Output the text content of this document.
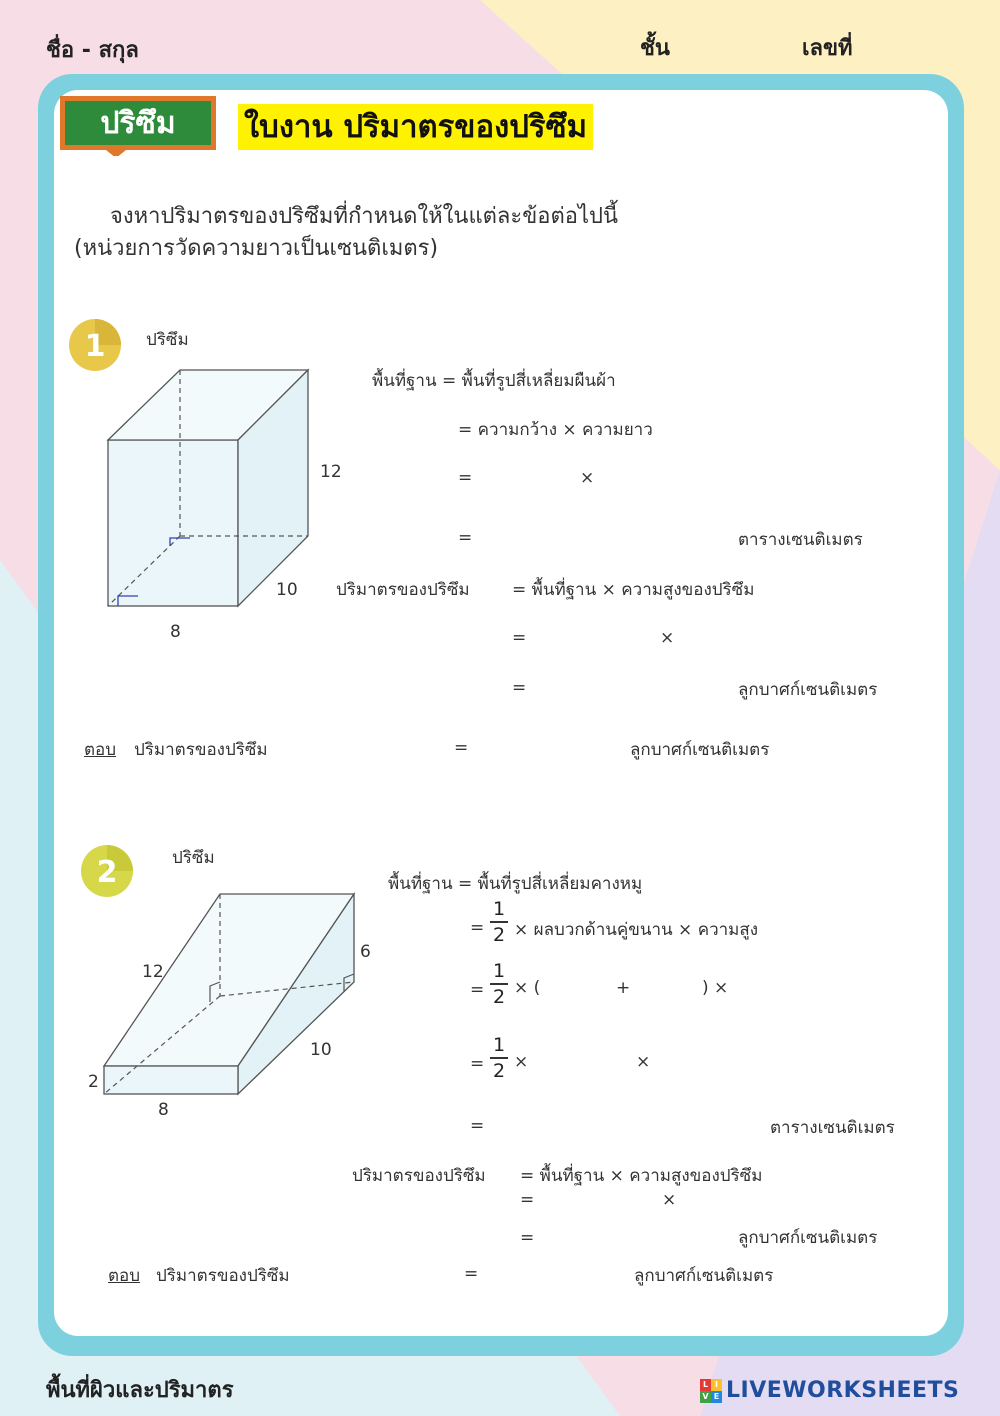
ชื่อ - สกุล	ชั้น	เลขที่
ปริซึม	ใบงาน ปริมาตรของปริซึม
จงหาปริมาตรของปริซึมที่กำหนดให้ในแต่ละข้อต่อไปนี้
(หน่วยการวัดความยาวเป็นเซนติเมตร)
1 ปริซึม
12
10
8
พื้นที่ฐาน = พื้นที่รูปสี่เหลี่ยมผืนผ้า
= ความกว้าง × ความยาว
=	×
=	ตารางเซนติเมตร
ปริมาตรของปริซึม = พื้นที่ฐาน × ความสูงของปริซึม
=	×
=	ลูกบาศก์เซนติเมตร
ตอบ ปริมาตรของปริซึม	=	ลูกบาศก์เซนติเมตร
2	ปริซึม
12
6
10
2
8
พื้นที่ฐาน = พื้นที่รูปสี่เหลี่ยมคางหมู
=
1
2 × ผลบวกด้านคู่ขนาน × ความสูง
=
1
2 × (	+	) ×
=
1
2 ×	×
=	ตารางเซนติเมตร
ปริมาตรของปริซึม = พื้นที่ฐาน × ความสูงของปริซึม
=	×
=	ลูกบาศก์เซนติเมตร
ตอบ ปริมาตรของปริซึม	=	ลูกบาศก์เซนติเมตร
พื้นที่ผิวและปริมาตร	L I
V E LIVEWORKSHEETS
